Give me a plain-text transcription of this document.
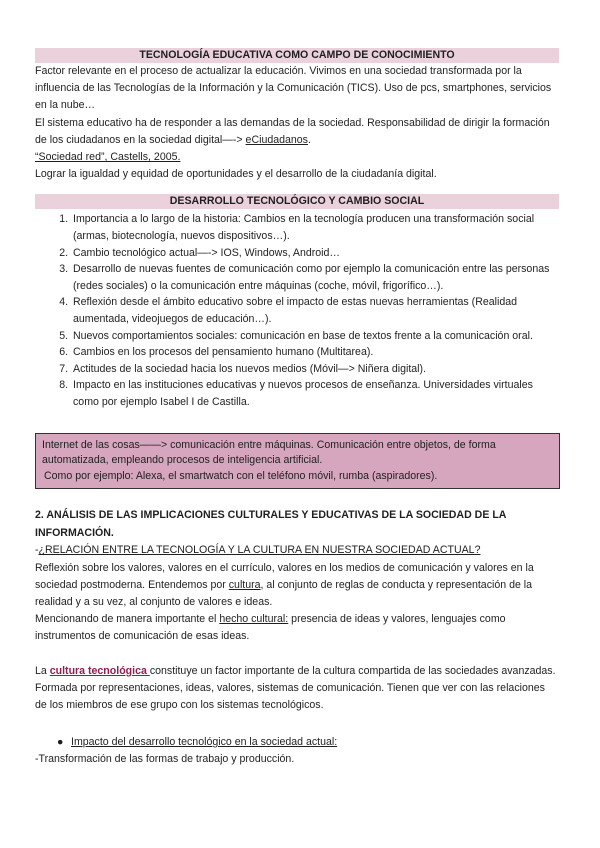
TECNOLOGÍA EDUCATIVA COMO CAMPO DE CONOCIMIENTO

Factor relevante en el proceso de actualizar la educación. Vivimos en una sociedad transformada por la influencia de las Tecnologías de la Información y la Comunicación (TICS). Uso de pcs, smartphones, servicios en la nube…

El sistema educativo ha de responder a las demandas de la sociedad. Responsabilidad de dirigir la formación de los ciudadanos en la sociedad digital—-> eCiudadanos.

“Sociedad red”, Castells, 2005.

Lograr la igualdad y equidad de oportunidades y el desarrollo de la ciudadanía digital.

DESARROLLO TECNOLÓGICO Y CAMBIO SOCIAL
1. Importancia a lo largo de la historia: Cambios en la tecnología producen una transformación social (armas, biotecnología, nuevos dispositivos…).
2. Cambio tecnológico actual—-> IOS, Windows, Android…
3. Desarrollo de nuevas fuentes de comunicación como por ejemplo la comunicación entre las personas (redes sociales) o la comunicación entre máquinas (coche, móvil, frigorífico…).
4. Reflexión desde el ámbito educativo sobre el impacto de estas nuevas herramientas (Realidad aumentada, videojuegos de educación…).
5. Nuevos comportamientos sociales: comunicación en base de textos frente a la comunicación oral.
6. Cambios en los procesos del pensamiento humano (Multitarea).
7. Actitudes de la sociedad hacia los nuevos medios (Móvil—> Niñera digital).
8. Impacto en las instituciones educativas y nuevos procesos de enseñanza. Universidades virtuales como por ejemplo Isabel I de Castilla.
Internet de las cosas——> comunicación entre máquinas. Comunicación entre objetos, de forma automatizada, empleando procesos de inteligencia artificial.
Como por ejemplo: Alexa, el smartwatch con el teléfono móvil, rumba (aspiradores).
2. ANÁLISIS DE LAS IMPLICACIONES CULTURALES Y EDUCATIVAS DE LA SOCIEDAD DE LA INFORMACIÓN.

-¿RELACIÓN ENTRE LA TECNOLOGÍA Y LA CULTURA EN NUESTRA SOCIEDAD ACTUAL?

Reflexión sobre los valores, valores en el currículo, valores en los medios de comunicación y valores en la sociedad postmoderna. Entendemos por cultura, al conjunto de reglas de conducta y representación de la realidad y a su vez, al conjunto de valores e ideas.

Mencionando de manera importante el hecho cultural: presencia de ideas y valores, lenguajes como instrumentos de comunicación de esas ideas.

La cultura tecnológica constituye un factor importante de la cultura compartida de las sociedades avanzadas. Formada por representaciones, ideas, valores, sistemas de comunicación. Tienen que ver con las relaciones de los miembros de ese grupo con los sistemas tecnológicos.

● Impacto del desarrollo tecnológico en la sociedad actual:

-Transformación de las formas de trabajo y producción.
